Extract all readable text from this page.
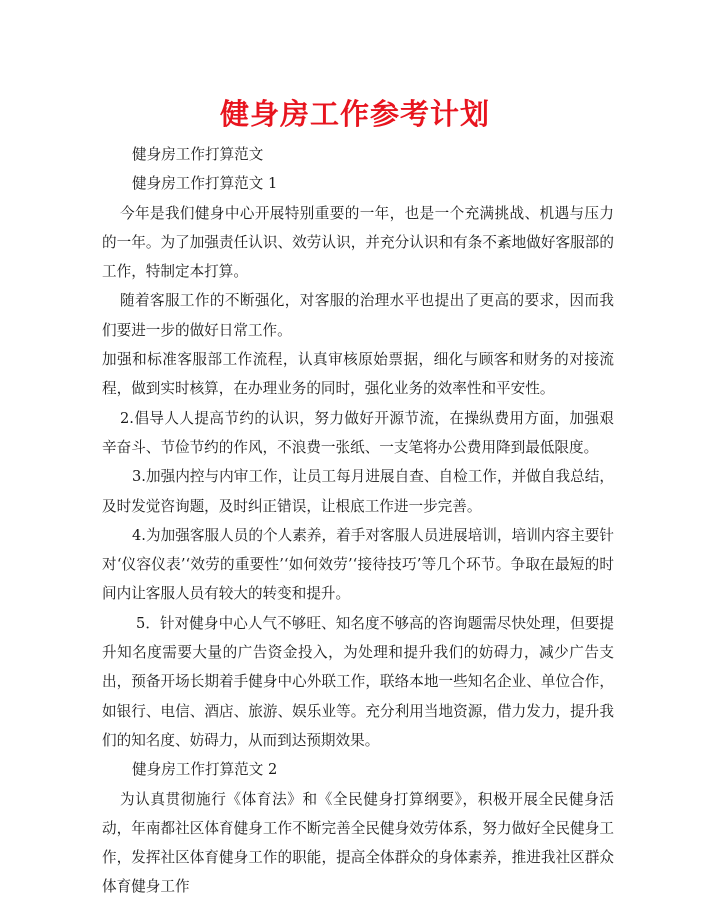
健身房工作参考计划

健身房工作打算范文

健身房工作打算范文 1

今年是我们健身中心开展特别重要的一年，也是一个充满挑战、机遇与压力的一年。为了加强责任认识、效劳认识，并充分认识和有条不紊地做好客服部的工作，特制定本打算。

随着客服工作的不断强化，对客服的治理水平也提出了更高的要求，因而我们要进一步的做好日常工作。

加强和标准客服部工作流程，认真审核原始票据，细化与顾客和财务的对接流程，做到实时核算，在办理业务的同时，强化业务的效率性和平安性。

2.倡导人人提高节约的认识，努力做好开源节流，在操纵费用方面，加强艰辛奋斗、节俭节约的作风，不浪费一张纸、一支笔将办公费用降到最低限度。

3.加强内控与内审工作，让员工每月进展自查、自检工作，并做自我总结，及时发觉咨询题，及时纠正错误，让根底工作进一步完善。

4.为加强客服人员的个人素养，着手对客服人员进展培训，培训内容主要针对‘仪容仪表’‘效劳的重要性’‘如何效劳’‘接待技巧’等几个环节。争取在最短的时间内让客服人员有较大的转变和提升。

5．针对健身中心人气不够旺、知名度不够高的咨询题需尽快处理，但要提升知名度需要大量的广告资金投入，为处理和提升我们的妨碍力，减少广告支出，预备开场长期着手健身中心外联工作，联络本地一些知名企业、单位合作，如银行、电信、酒店、旅游、娱乐业等。充分利用当地资源，借力发力，提升我们的知名度、妨碍力，从而到达预期效果。

健身房工作打算范文 2

为认真贯彻施行《体育法》和《全民健身打算纲要》，积极开展全民健身活动，年南都社区体育健身工作不断完善全民健身效劳体系，努力做好全民健身工作，发挥社区体育健身工作的职能，提高全体群众的身体素养，推进我社区群众体育健身工作
